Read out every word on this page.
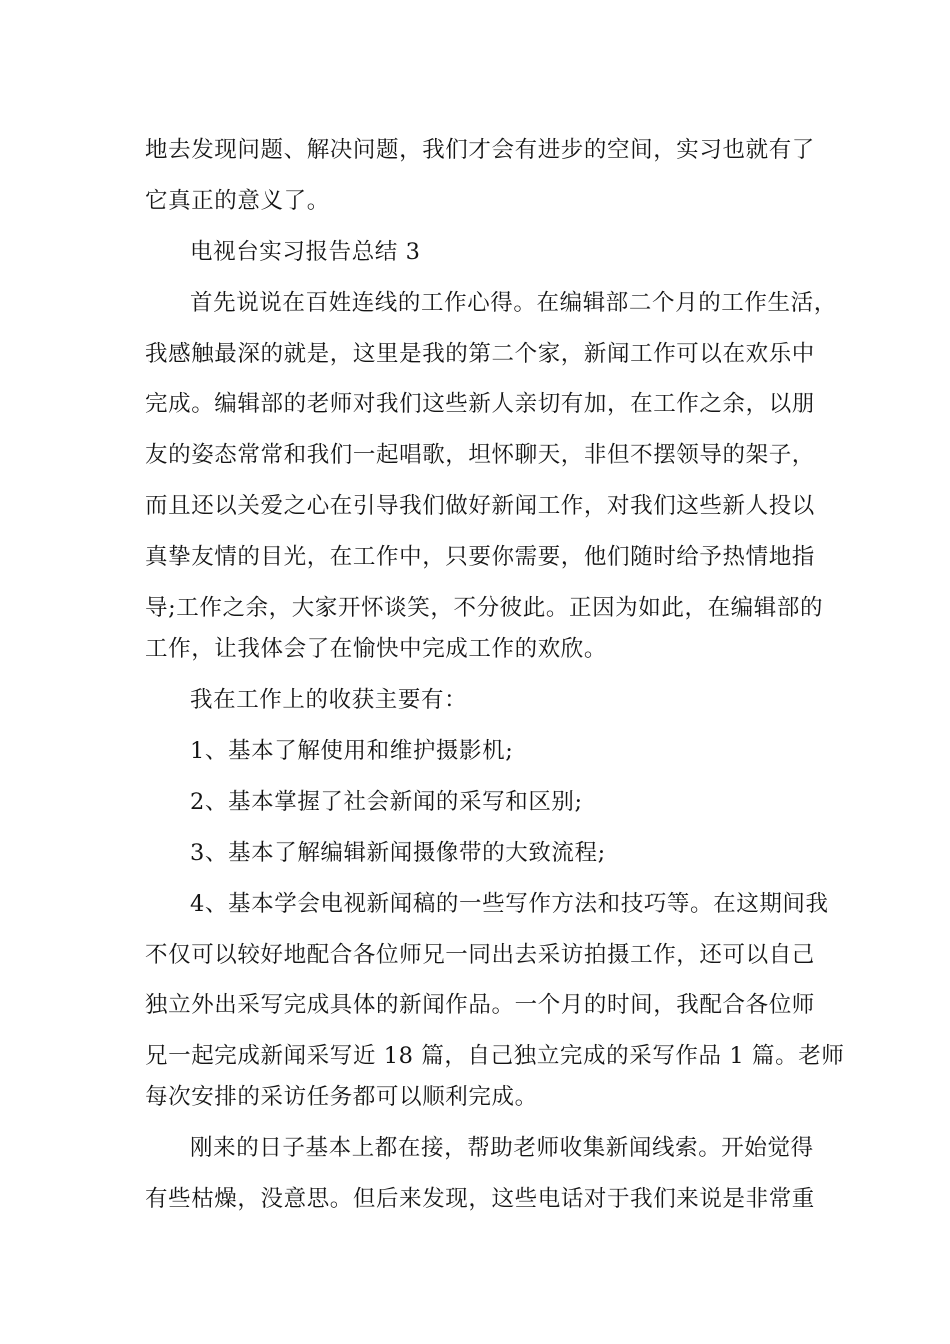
地去发现问题、解决问题，我们才会有进步的空间，实习也就有了
它真正的意义了。
电视台实习报告总结 3
首先说说在百姓连线的工作心得。在编辑部二个月的工作生活，
我感触最深的就是，这里是我的第二个家，新闻工作可以在欢乐中
完成。编辑部的老师对我们这些新人亲切有加，在工作之余，以朋
友的姿态常常和我们一起唱歌，坦怀聊天，非但不摆领导的架子，
而且还以关爱之心在引导我们做好新闻工作，对我们这些新人投以
真挚友情的目光，在工作中，只要你需要，他们随时给予热情地指
导;工作之余，大家开怀谈笑，不分彼此。正因为如此，在编辑部的
工作，让我体会了在愉快中完成工作的欢欣。
我在工作上的收获主要有：
1、基本了解使用和维护摄影机;
2、基本掌握了社会新闻的采写和区别;
3、基本了解编辑新闻摄像带的大致流程;
4、基本学会电视新闻稿的一些写作方法和技巧等。在这期间我
不仅可以较好地配合各位师兄一同出去采访拍摄工作，还可以自己
独立外出采写完成具体的新闻作品。一个月的时间，我配合各位师
兄一起完成新闻采写近 18 篇，自己独立完成的采写作品 1 篇。老师
每次安排的采访任务都可以顺利完成。
刚来的日子基本上都在接，帮助老师收集新闻线索。开始觉得
有些枯燥，没意思。但后来发现，这些电话对于我们来说是非常重
